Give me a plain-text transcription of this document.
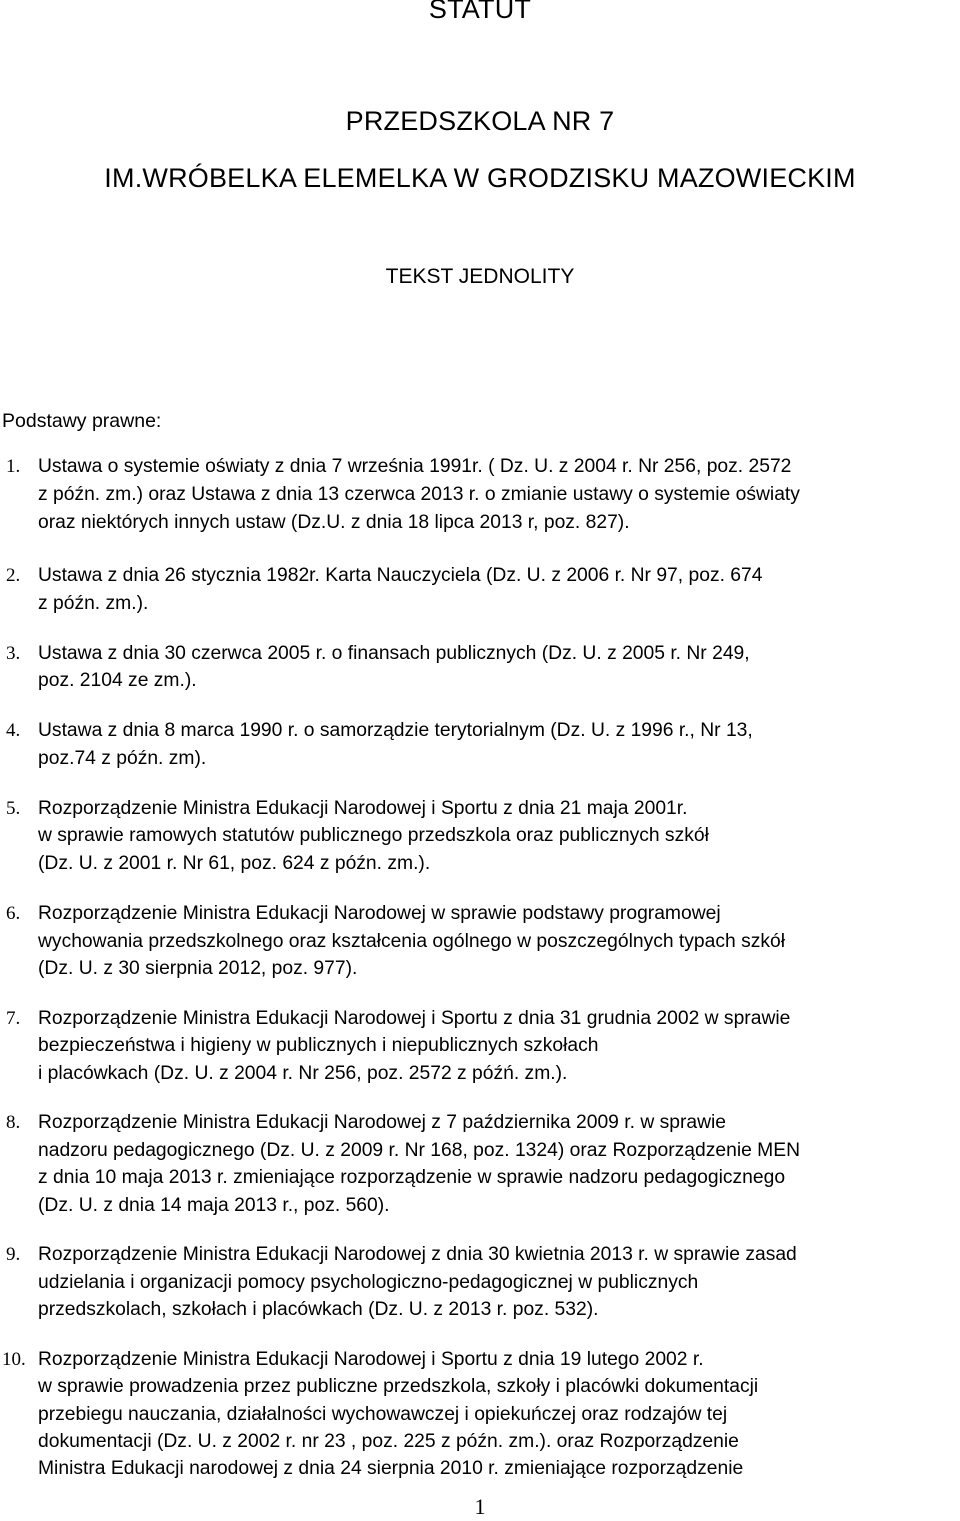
STATUT
PRZEDSZKOLA NR 7
IM.WRÓBELKA ELEMELKA W GRODZISKU MAZOWIECKIM
TEKST JEDNOLITY
Podstawy prawne:
1. Ustawa o systemie oświaty z dnia 7 września 1991r. ( Dz. U. z 2004 r. Nr 256, poz. 2572
z późn. zm.) oraz Ustawa z dnia 13 czerwca 2013 r. o zmianie ustawy o systemie oświaty
oraz niektórych innych ustaw (Dz.U. z dnia 18 lipca 2013 r, poz. 827).
2. Ustawa z dnia 26 stycznia 1982r. Karta Nauczyciela (Dz. U. z 2006 r. Nr 97, poz. 674
z późn. zm.).
3. Ustawa z dnia 30 czerwca 2005 r. o finansach publicznych (Dz. U. z 2005 r. Nr 249,
poz. 2104 ze zm.).
4. Ustawa z dnia 8 marca 1990 r. o samorządzie terytorialnym (Dz. U. z 1996 r., Nr 13,
poz.74 z późn. zm).
5. Rozporządzenie Ministra Edukacji Narodowej i Sportu z dnia 21 maja 2001r.
w sprawie ramowych statutów publicznego przedszkola oraz publicznych szkół
(Dz. U. z 2001 r. Nr 61, poz. 624 z późn. zm.).
6. Rozporządzenie Ministra Edukacji Narodowej w sprawie podstawy programowej
wychowania przedszkolnego oraz kształcenia ogólnego w poszczególnych typach szkół
(Dz. U. z 30 sierpnia 2012, poz. 977).
7. Rozporządzenie Ministra Edukacji Narodowej i Sportu z dnia 31 grudnia 2002 w sprawie
bezpieczeństwa i higieny w publicznych i niepublicznych szkołach
i placówkach (Dz. U. z 2004 r. Nr 256, poz. 2572 z późń. zm.).
8. Rozporządzenie Ministra Edukacji Narodowej z 7 października 2009 r. w sprawie
nadzoru pedagogicznego (Dz. U. z 2009 r. Nr 168, poz. 1324) oraz Rozporządzenie MEN
z dnia 10 maja 2013 r. zmieniające rozporządzenie w sprawie nadzoru pedagogicznego
(Dz. U. z dnia 14 maja 2013 r., poz. 560).
9. Rozporządzenie Ministra Edukacji Narodowej z dnia 30 kwietnia 2013 r. w sprawie zasad
udzielania i organizacji pomocy psychologiczno-pedagogicznej w publicznych
przedszkolach, szkołach i placówkach (Dz. U. z 2013 r. poz. 532).
10. Rozporządzenie Ministra Edukacji Narodowej i Sportu z dnia 19 lutego 2002 r.
w sprawie prowadzenia przez publiczne przedszkola, szkoły i placówki dokumentacji
przebiegu nauczania, działalności wychowawczej i opiekuńczej oraz rodzajów tej
dokumentacji (Dz. U. z 2002 r. nr 23 , poz. 225 z późn. zm.). oraz Rozporządzenie
Ministra Edukacji narodowej z dnia 24 sierpnia 2010 r. zmieniające rozporządzenie
1
